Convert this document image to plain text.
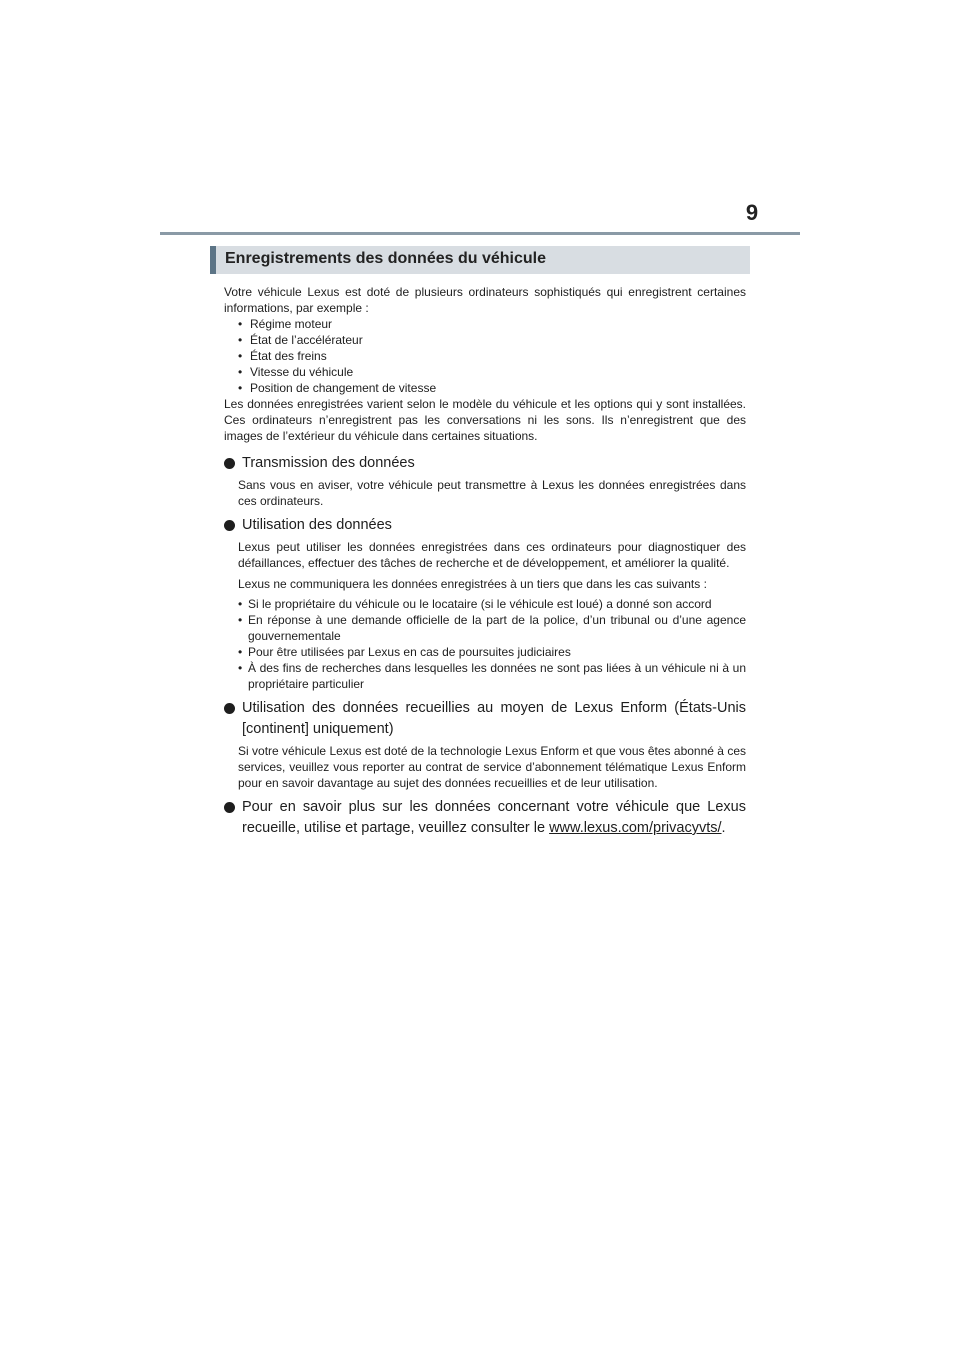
9
Enregistrements des données du véhicule

Votre véhicule Lexus est doté de plusieurs ordinateurs sophistiqués qui enregistrent certaines informations, par exemple :

• Régime moteur
• État de l’accélérateur
• État des freins
• Vitesse du véhicule
• Position de changement de vitesse

Les données enregistrées varient selon le modèle du véhicule et les options qui y sont installées. Ces ordinateurs n’enregistrent pas les conversations ni les sons. Ils n’enregistrent que des images de l’extérieur du véhicule dans certaines situations.

Transmission des données

Sans vous en aviser, votre véhicule peut transmettre à Lexus les données enregistrées dans ces ordinateurs.

Utilisation des données

Lexus peut utiliser les données enregistrées dans ces ordinateurs pour diagnostiquer des défaillances, effectuer des tâches de recherche et de développement, et améliorer la qualité.

Lexus ne communiquera les données enregistrées à un tiers que dans les cas suivants :

• Si le propriétaire du véhicule ou le locataire (si le véhicule est loué) a donné son accord
• En réponse à une demande officielle de la part de la police, d’un tribunal ou d’une agence gouvernementale
• Pour être utilisées par Lexus en cas de poursuites judiciaires
• À des fins de recherches dans lesquelles les données ne sont pas liées à un véhicule ni à un propriétaire particulier
Utilisation des données recueillies au moyen de Lexus Enform (États-Unis [continent] uniquement)

Si votre véhicule Lexus est doté de la technologie Lexus Enform et que vous êtes abonné à ces services, veuillez vous reporter au contrat de service d’abonnement télématique Lexus Enform pour en savoir davantage au sujet des données recueillies et de leur utilisation.

Pour en savoir plus sur les données concernant votre véhicule que Lexus recueille, utilise et partage, veuillez consulter le www.lexus.com/privacyvts/.
